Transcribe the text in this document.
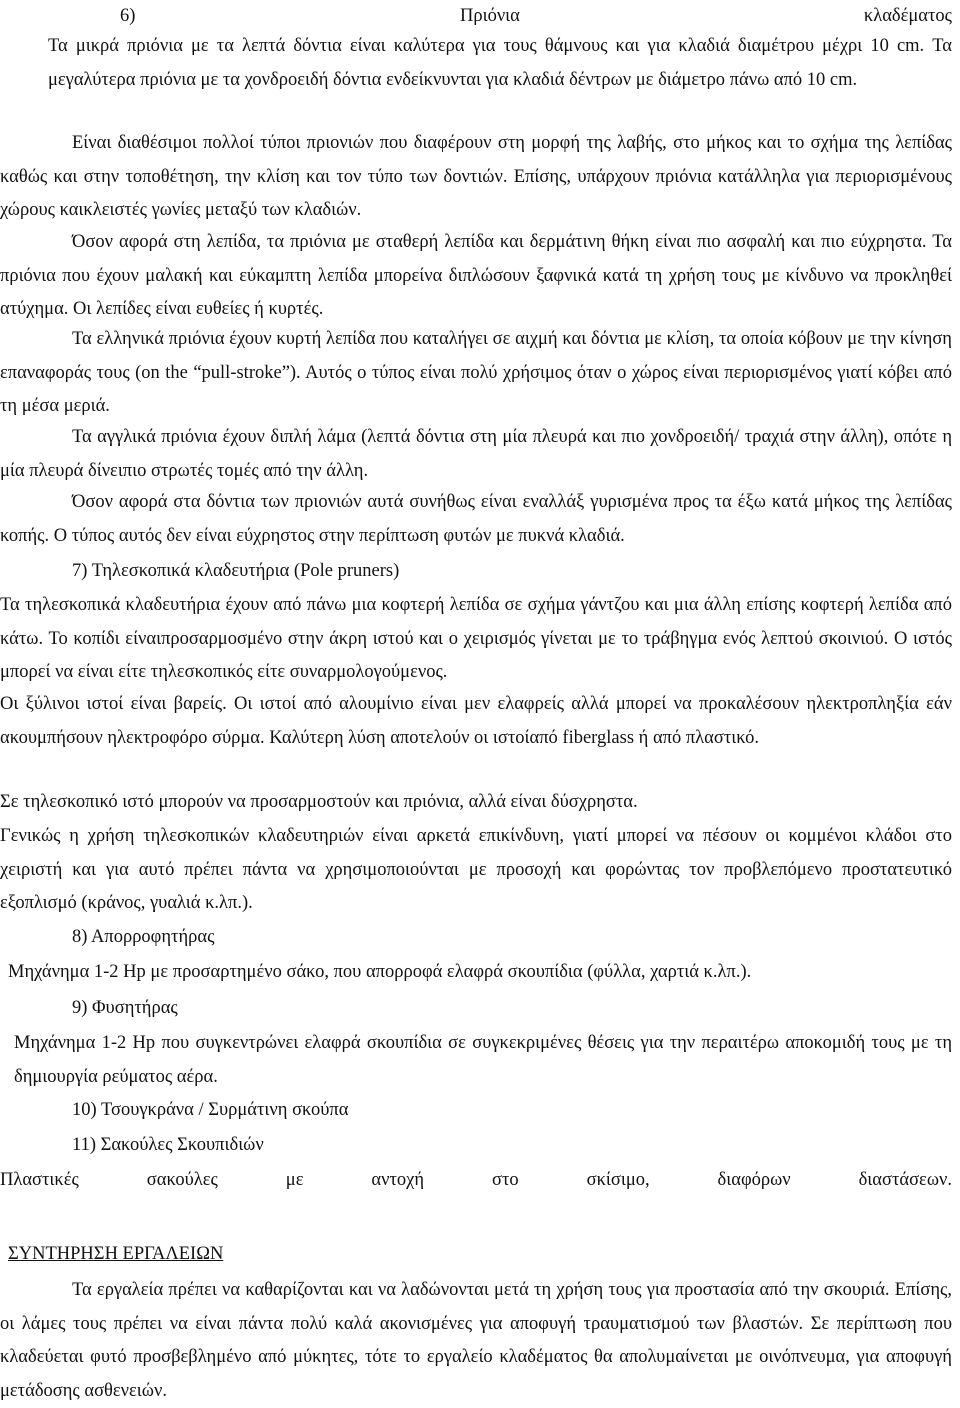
6)	Πριόνια	κλαδέματος
Τα μικρά πριόνια με τα λεπτά δόντια είναι καλύτερα για τους θάμνους και για κλαδιά διαμέτρου μέχρι 10 cm. Τα μεγαλύτερα πριόνια με τα χονδροειδή δόντια ενδείκνυνται για κλαδιά δέντρων με διάμετρο πάνω από 10 cm.
Είναι διαθέσιμοι πολλοί τύποι πριονιών που διαφέρουν στη μορφή της λαβής, στο μήκος και το σχήμα της λεπίδας καθώς και στην τοποθέτηση, την κλίση και τον τύπο των δοντιών. Επίσης, υπάρχουν πριόνια κατάλληλα για περιορισμένους χώρους καικλειστές γωνίες μεταξύ των κλαδιών.
Όσον αφορά στη λεπίδα, τα πριόνια με σταθερή λεπίδα και δερμάτινη θήκη είναι πιο ασφαλή και πιο εύχρηστα. Τα πριόνια που έχουν μαλακή και εύκαμπτη λεπίδα μπορείνα διπλώσουν ξαφνικά κατά τη χρήση τους με κίνδυνο να προκληθεί ατύχημα. Οι λεπίδες είναι ευθείες ή κυρτές.
Τα ελληνικά πριόνια έχουν κυρτή λεπίδα που καταλήγει σε αιχμή και δόντια με κλίση, τα οποία κόβουν με την κίνηση επαναφοράς τους (on the “pull-stroke”). Αυτός ο τύπος είναι πολύ χρήσιμος όταν ο χώρος είναι περιορισμένος γιατί κόβει από τη μέσα μεριά.
Τα αγγλικά πριόνια έχουν διπλή λάμα (λεπτά δόντια στη μία πλευρά και πιο χονδροειδή/ τραχιά στην άλλη), οπότε η μία πλευρά δίνειπιο στρωτές τομές από την άλλη.
Όσον αφορά στα δόντια των πριονιών αυτά συνήθως είναι εναλλάξ γυρισμένα προς τα έξω κατά μήκος της λεπίδας κοπής. Ο τύπος αυτός δεν είναι εύχρηστος στην περίπτωση φυτών με πυκνά κλαδιά.
7) Τηλεσκοπικά κλαδευτήρια (Pole pruners)
Τα τηλεσκοπικά κλαδευτήρια έχουν από πάνω μια κοφτερή λεπίδα σε σχήμα γάντζου και μια άλλη επίσης κοφτερή λεπίδα από κάτω. Το κοπίδι είναιπροσαρμοσμένο στην άκρη ιστού και ο χειρισμός γίνεται με το τράβηγμα ενός λεπτού σκοινιού. Ο ιστός μπορεί να είναι είτε τηλεσκοπικός είτε συναρμολογούμενος.
Οι ξύλινοι ιστοί είναι βαρείς. Οι ιστοί από αλουμίνιο είναι μεν ελαφρείς αλλά μπορεί να προκαλέσουν ηλεκτροπληξία εάν ακουμπήσουν ηλεκτροφόρο σύρμα. Καλύτερη λύση αποτελούν οι ιστοίαπό fiberglass ή από πλαστικό.
Σε τηλεσκοπικό ιστό μπορούν να προσαρμοστούν και πριόνια, αλλά είναι δύσχρηστα.
Γενικώς η χρήση τηλεσκοπικών κλαδευτηριών είναι αρκετά επικίνδυνη, γιατί μπορεί να πέσουν οι κομμένοι κλάδοι στο χειριστή και για αυτό πρέπει πάντα να χρησιμοποιούνται με προσοχή και φορώντας τον προβλεπόμενο προστατευτικό εξοπλισμό (κράνος, γυαλιά κ.λπ.).
8) Απορροφητήρας
Μηχάνημα 1-2 Hp με προσαρτημένο σάκο, που απορροφά ελαφρά σκουπίδια (φύλλα, χαρτιά κ.λπ.).
9) Φυσητήρας
Μηχάνημα 1-2 Hp που συγκεντρώνει ελαφρά σκουπίδια σε συγκεκριμένες θέσεις για την περαιτέρω αποκομιδή τους με τη δημιουργία ρεύματος αέρα.
10) Τσουγκράνα / Συρμάτινη σκούπα
11) Σακούλες Σκουπιδιών
Πλαστικές σακούλες με αντοχή στο σκίσιμο, διαφόρων διαστάσεων.
ΣΥΝΤΗΡΗΣΗ ΕΡΓΑΛΕΙΩΝ
Τα εργαλεία πρέπει να καθαρίζονται και να λαδώνονται μετά τη χρήση τους για προστασία από την σκουριά. Επίσης, οι λάμες τους πρέπει να είναι πάντα πολύ καλά ακονισμένες για αποφυγή τραυματισμού των βλαστών. Σε περίπτωση που κλαδεύεται φυτό προσβεβλημένο από μύκητες, τότε το εργαλείο κλαδέματος θα απολυμαίνεται με οινόπνευμα, για αποφυγή μετάδοσης ασθενειών.
